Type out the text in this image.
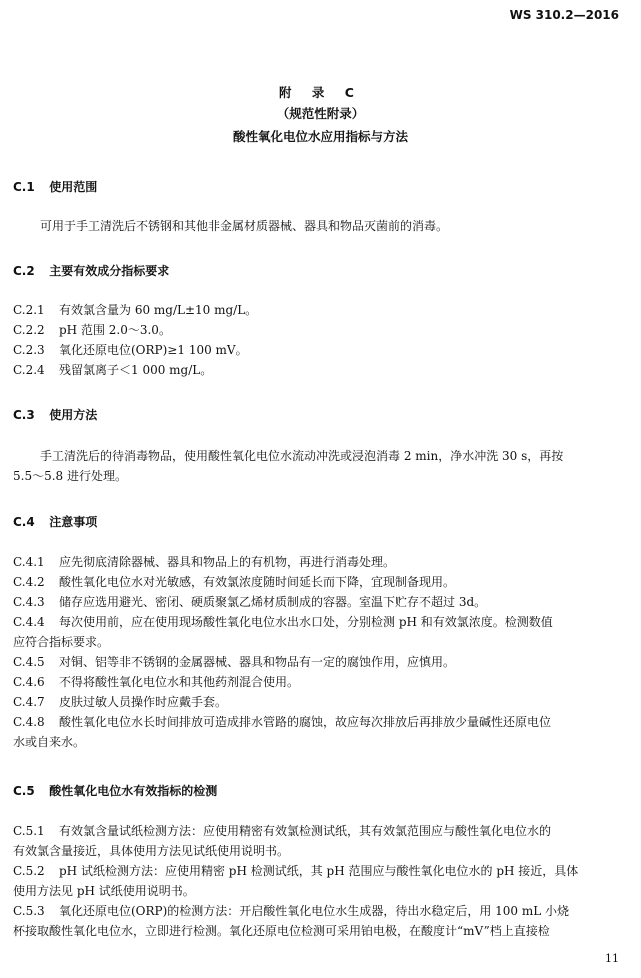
WS 310.2—2016
附 录 C
（规范性附录）
酸性氧化电位水应用指标与方法
C.1 使用范围
可用于手工清洗后不锈钢和其他非金属材质器械、器具和物品灭菌前的消毒。
C.2 主要有效成分指标要求
C.2.1 有效氯含量为 60 mg/L±10 mg/L。
C.2.2 pH 范围 2.0～3.0。
C.2.3 氧化还原电位(ORP)≥1 100 mV。
C.2.4 残留氯离子＜1 000 mg/L。
C.3 使用方法
手工清洗后的待消毒物品，使用酸性氧化电位水流动冲洗或浸泡消毒 2 min，净水冲洗 30 s，再按
5.5～5.8 进行处理。
C.4 注意事项
C.4.1 应先彻底清除器械、器具和物品上的有机物，再进行消毒处理。
C.4.2 酸性氧化电位水对光敏感，有效氯浓度随时间延长而下降，宜现制备现用。
C.4.3 储存应选用避光、密闭、硬质聚氯乙烯材质制成的容器。室温下贮存不超过 3d。
C.4.4 每次使用前，应在使用现场酸性氧化电位水出水口处，分别检测 pH 和有效氯浓度。检测数值
应符合指标要求。
C.4.5 对铜、铝等非不锈钢的金属器械、器具和物品有一定的腐蚀作用，应慎用。
C.4.6 不得将酸性氧化电位水和其他药剂混合使用。
C.4.7 皮肤过敏人员操作时应戴手套。
C.4.8 酸性氧化电位水长时间排放可造成排水管路的腐蚀，故应每次排放后再排放少量碱性还原电位
水或自来水。
C.5 酸性氧化电位水有效指标的检测
C.5.1 有效氯含量试纸检测方法：应使用精密有效氯检测试纸，其有效氯范围应与酸性氧化电位水的
有效氯含量接近，具体使用方法见试纸使用说明书。
C.5.2 pH 试纸检测方法：应使用精密 pH 检测试纸，其 pH 范围应与酸性氧化电位水的 pH 接近，具体
使用方法见 pH 试纸使用说明书。
C.5.3 氧化还原电位(ORP)的检测方法：开启酸性氧化电位水生成器，待出水稳定后，用 100 mL 小烧
杯接取酸性氧化电位水，立即进行检测。氧化还原电位检测可采用铂电极，在酸度计“mV”档上直接检
11
